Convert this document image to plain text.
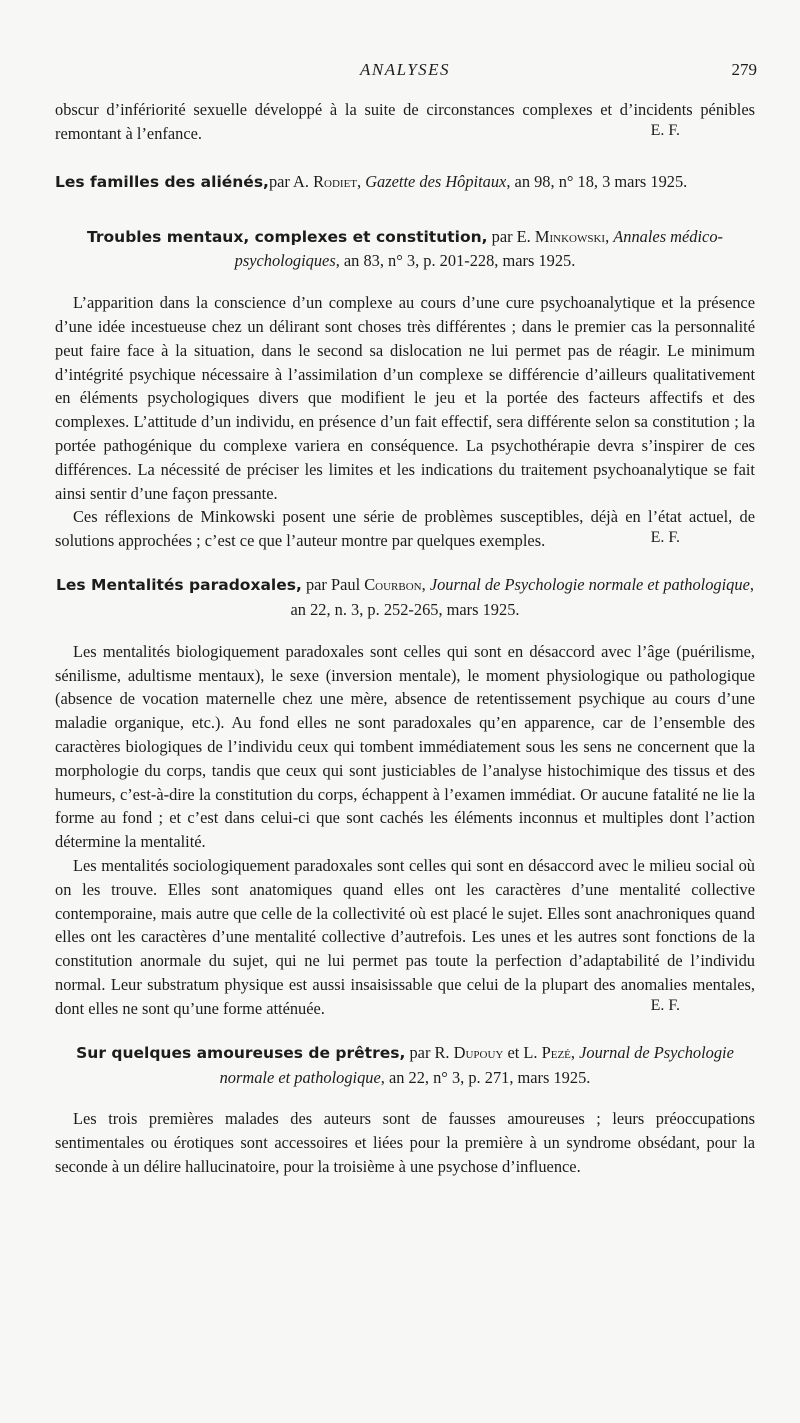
ANALYSES	279

obscur d’infériorité sexuelle développé à la suite de circonstances complexes et d’incidents pénibles remontant à l’enfance.	E. F.
Les familles des aliénés,par A. Rodiet, Gazette des Hôpitaux, an 98, n° 18, 3 mars 1925.
Troubles mentaux, complexes et constitution, par E. Minkowski, Annales médico-psychologiques, an 83, n° 3, p. 201-228, mars 1925.

L’apparition dans la conscience d’un complexe au cours d’une cure psychoanalytique et la présence d’une idée incestueuse chez un délirant sont choses très différentes ; dans le premier cas la personnalité peut faire face à la situation, dans le second sa dislocation ne lui permet pas de réagir. Le minimum d’intégrité psychique nécessaire à l’assimilation d’un complexe se différencie d’ailleurs qualitativement en éléments psychologiques divers que modifient le jeu et la portée des facteurs affectifs et des complexes. L’attitude d’un individu, en présence d’un fait effectif, sera différente selon sa constitution ; la portée pathogénique du complexe variera en conséquence. La psychothérapie devra s’inspirer de ces différences. La nécessité de préciser les limites et les indications du traitement psychoanalytique se fait ainsi sentir d’une façon pressante.

Ces réflexions de Minkowski posent une série de problèmes susceptibles, déjà en l’état actuel, de solutions approchées ; c’est ce que l’auteur montre par quelques exemples.	E. F.
Les Mentalités paradoxales, par Paul Courbon, Journal de Psychologie normale et pathologique, an 22, n. 3, p. 252-265, mars 1925.

Les mentalités biologiquement paradoxales sont celles qui sont en désaccord avec l’âge (puérilisme, sénilisme, adultisme mentaux), le sexe (inversion mentale), le moment physiologique ou pathologique (absence de vocation maternelle chez une mère, absence de retentissement psychique au cours d’une maladie organique, etc.). Au fond elles ne sont paradoxales qu’en apparence, car de l’ensemble des caractères biologiques de l’individu ceux qui tombent immédiatement sous les sens ne concernent que la morphologie du corps, tandis que ceux qui sont justiciables de l’analyse histochimique des tissus et des humeurs, c’est-à-dire la constitution du corps, échappent à l’examen immédiat. Or aucune fatalité ne lie la forme au fond ; et c’est dans celui-ci que sont cachés les éléments inconnus et multiples dont l’action détermine la mentalité.

Les mentalités sociologiquement paradoxales sont celles qui sont en désaccord avec le milieu social où on les trouve. Elles sont anatomiques quand elles ont les caractères d’une mentalité collective contemporaine, mais autre que celle de la collectivité où est placé le sujet. Elles sont anachroniques quand elles ont les caractères d’une mentalité collective d’autrefois. Les unes et les autres sont fonctions de la constitution anormale du sujet, qui ne lui permet pas toute la perfection d’adaptabilité de l’individu normal. Leur substratum physique est aussi insaisissable que celui de la plupart des anomalies mentales, dont elles ne sont qu’une forme atténuée.	E. F.
Sur quelques amoureuses de prêtres, par R. Dupouy et L. Pezé, Journal de Psychologie normale et pathologique, an 22, n° 3, p. 271, mars 1925.

Les trois premières malades des auteurs sont de fausses amoureuses ; leurs préoccupations sentimentales ou érotiques sont accessoires et liées pour la première à un syndrome obsédant, pour la seconde à un délire hallucinatoire, pour la troisième à une psychose d’influence.
